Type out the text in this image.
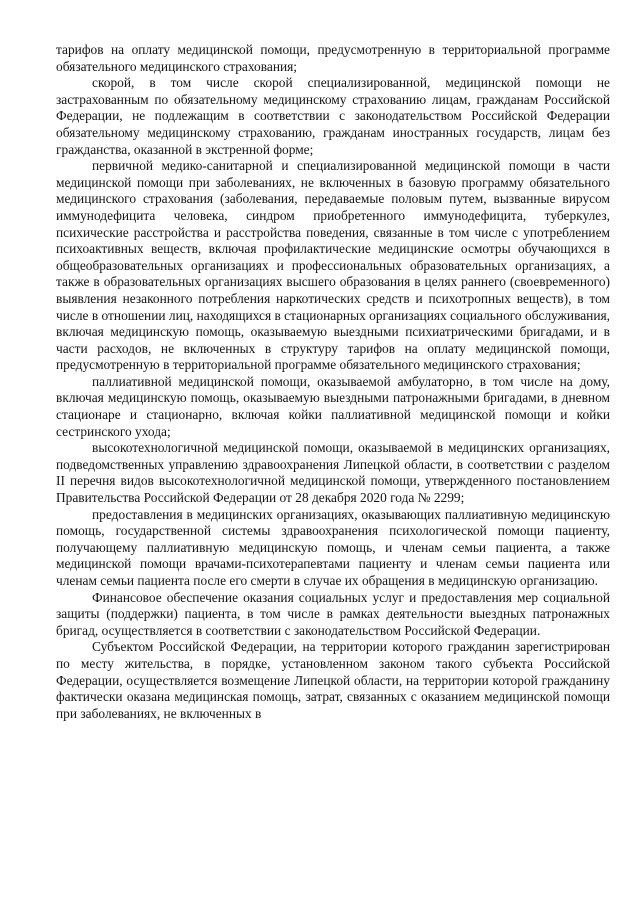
тарифов на оплату медицинской помощи, предусмотренную в территориальной программе обязательного медицинского страхования;

скорой, в том числе скорой специализированной, медицинской помощи не застрахованным по обязательному медицинскому страхованию лицам, гражданам Российской Федерации, не подлежащим в соответствии с законодательством Российской Федерации обязательному медицинскому страхованию, гражданам иностранных государств, лицам без гражданства, оказанной в экстренной форме;

первичной медико-санитарной и специализированной медицинской помощи в части медицинской помощи при заболеваниях, не включенных в базовую программу обязательного медицинского страхования (заболевания, передаваемые половым путем, вызванные вирусом иммунодефицита человека, синдром приобретенного иммунодефицита, туберкулез, психические расстройства и расстройства поведения, связанные в том числе с употреблением психоактивных веществ, включая профилактические медицинские осмотры обучающихся в общеобразовательных организациях и профессиональных образовательных организациях, а также в образовательных организациях высшего образования в целях раннего (своевременного) выявления незаконного потребления наркотических средств и психотропных веществ), в том числе в отношении лиц, находящихся в стационарных организациях социального обслуживания, включая медицинскую помощь, оказываемую выездными психиатрическими бригадами, и в части расходов, не включенных в структуру тарифов на оплату медицинской помощи, предусмотренную в территориальной программе обязательного медицинского страхования;

паллиативной медицинской помощи, оказываемой амбулаторно, в том числе на дому, включая медицинскую помощь, оказываемую выездными патронажными бригадами, в дневном стационаре и стационарно, включая койки паллиативной медицинской помощи и койки сестринского ухода;

высокотехнологичной медицинской помощи, оказываемой в медицинских организациях, подведомственных управлению здравоохранения Липецкой области, в соответствии с разделом II перечня видов высокотехнологичной медицинской помощи, утвержденного постановлением Правительства Российской Федерации от 28 декабря 2020 года № 2299;

предоставления в медицинских организациях, оказывающих паллиативную медицинскую помощь, государственной системы здравоохранения психологической помощи пациенту, получающему паллиативную медицинскую помощь, и членам семьи пациента, а также медицинской помощи врачами-психотерапевтами пациенту и членам семьи пациента или членам семьи пациента после его смерти в случае их обращения в медицинскую организацию.

Финансовое обеспечение оказания социальных услуг и предоставления мер социальной защиты (поддержки) пациента, в том числе в рамках деятельности выездных патронажных бригад, осуществляется в соответствии с законодательством Российской Федерации.

Субъектом Российской Федерации, на территории которого гражданин зарегистрирован по месту жительства, в порядке, установленном законом такого субъекта Российской Федерации, осуществляется возмещение Липецкой области, на территории которой гражданину фактически оказана медицинская помощь, затрат, связанных с оказанием медицинской помощи при заболеваниях, не включенных в
